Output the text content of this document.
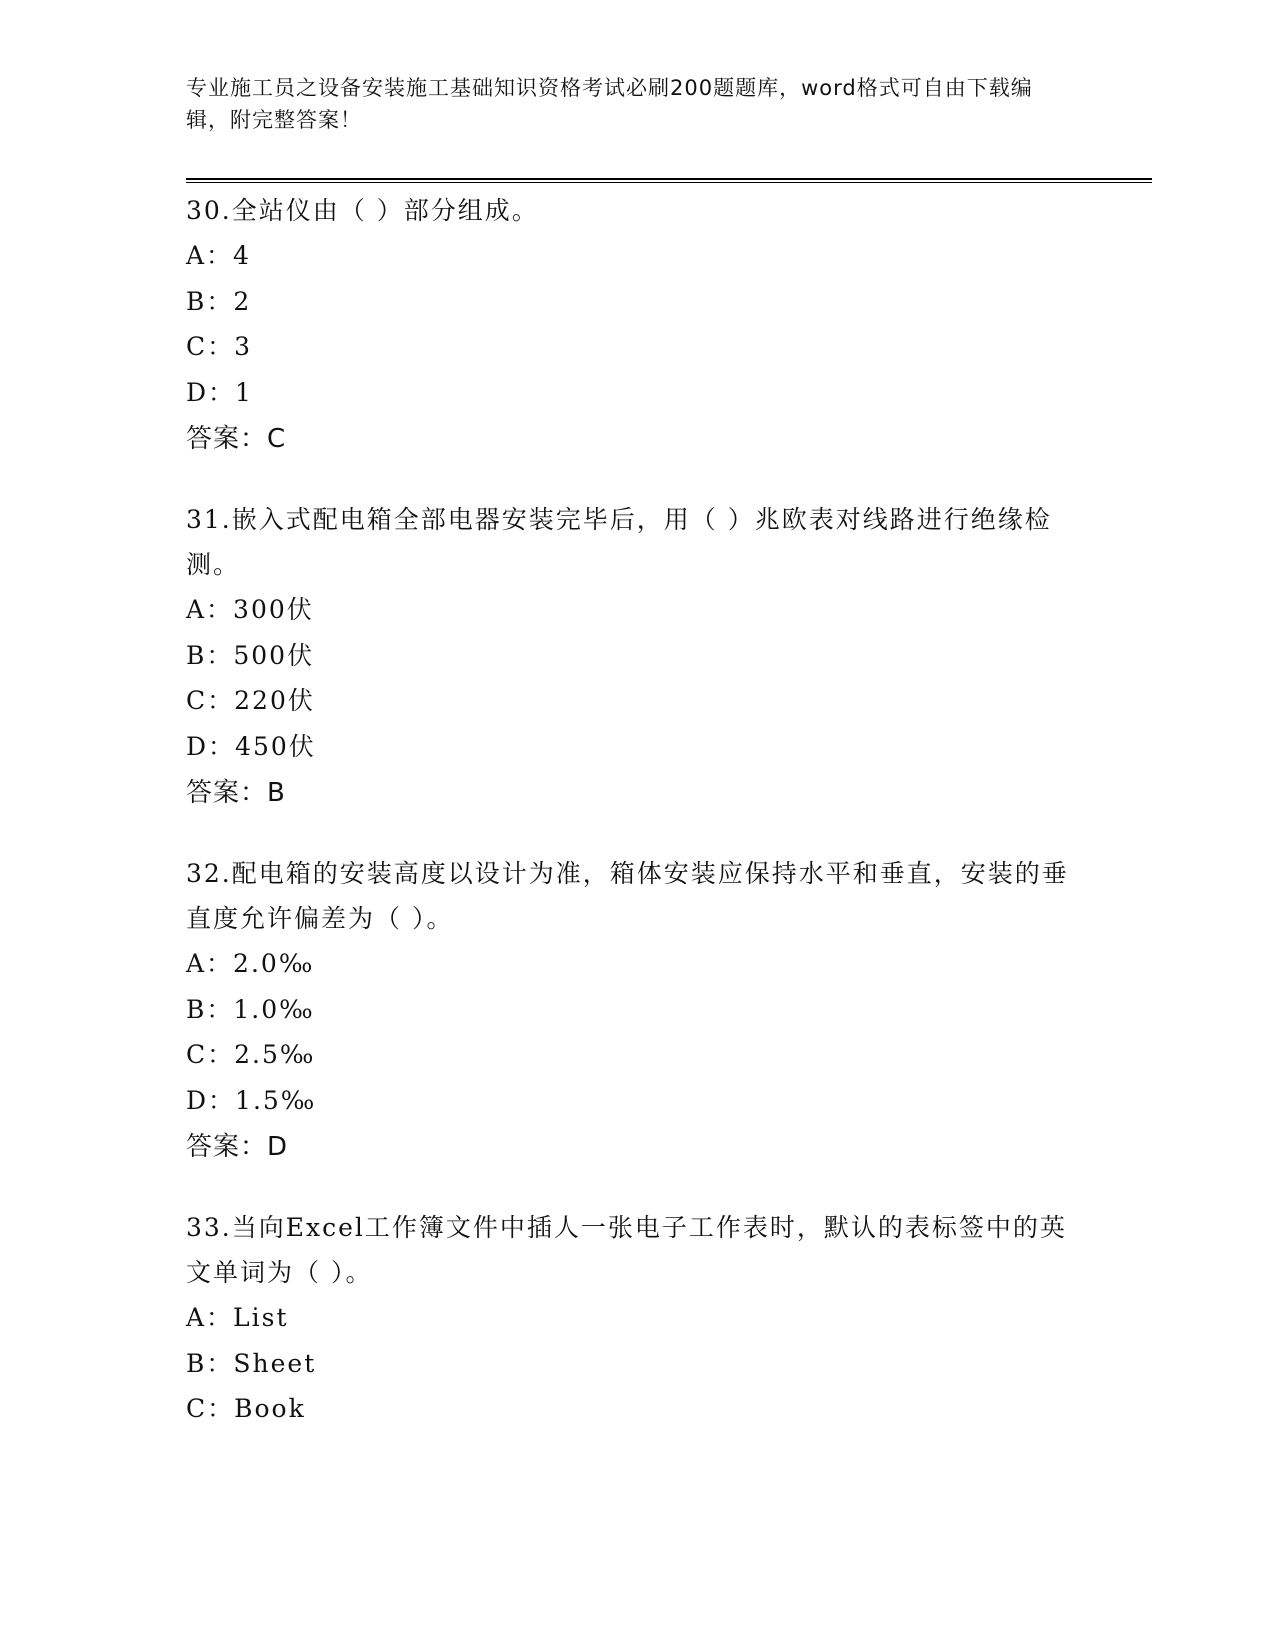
专业施工员之设备安装施工基础知识资格考试必刷200题题库，word格式可自由下载编辑，附完整答案！

30.全站仪由（ ）部分组成。

A：4

B：2

C：3

D：1

答案：C

31.嵌入式配电箱全部电器安装完毕后，用（ ）兆欧表对线路进行绝缘检测。

A：300伏

B：500伏

C：220伏

D：450伏

答案：B

32.配电箱的安装高度以设计为准，箱体安装应保持水平和垂直，安装的垂直度允许偏差为（ ）。

A：2.0‰

B：1.0‰

C：2.5‰

D：1.5‰

答案：D

33.当向Excel工作簿文件中插人一张电子工作表时，默认的表标签中的英文单词为（ ）。

A：List

B：Sheet

C：Book
